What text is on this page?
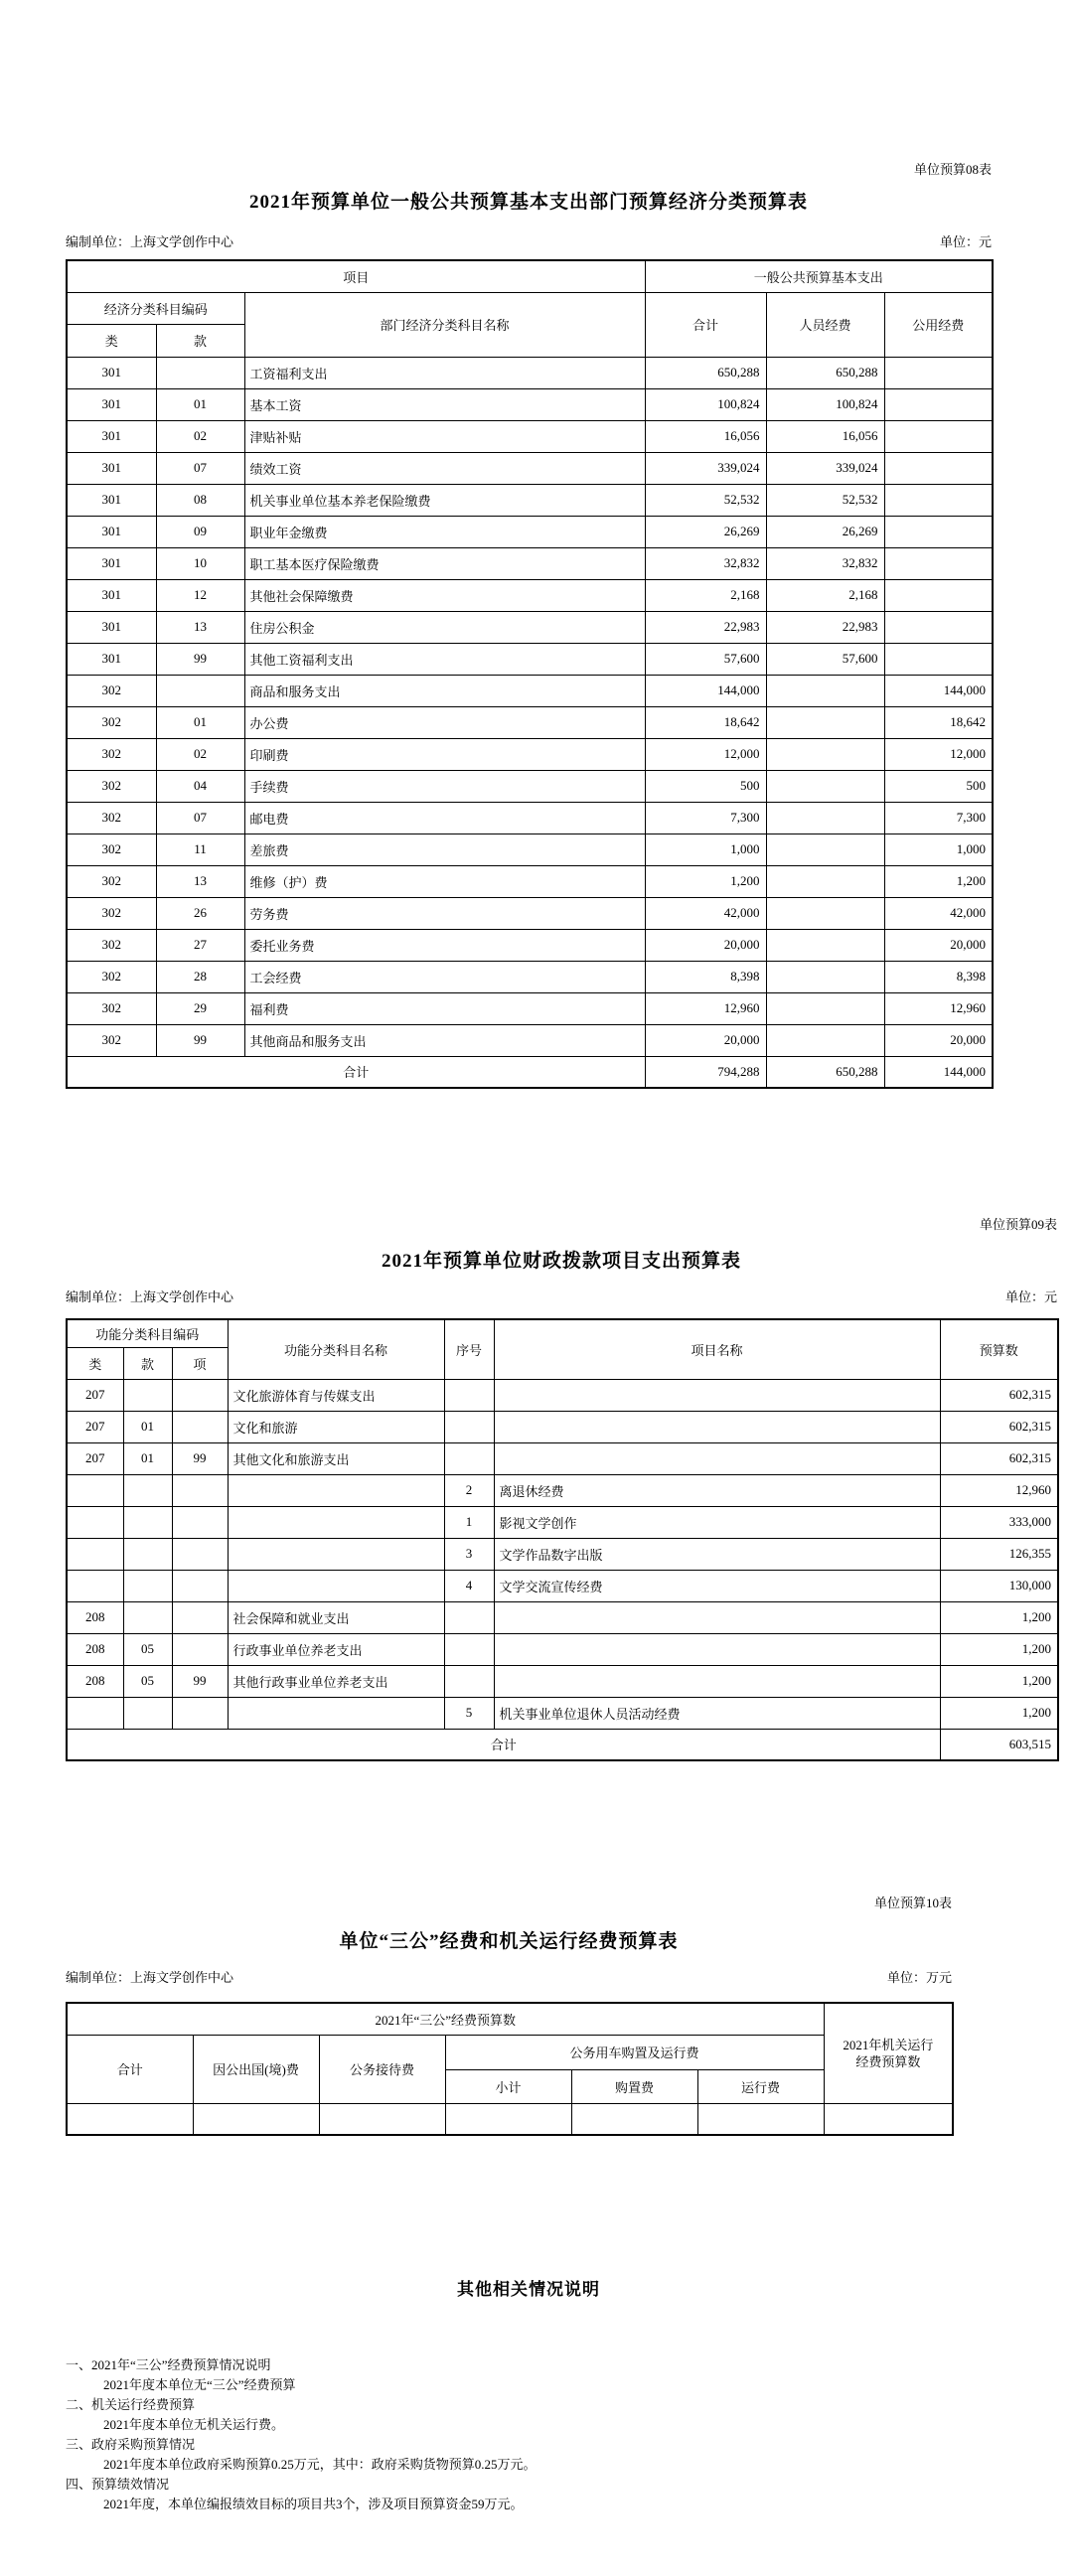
单位预算08表
2021年预算单位一般公共预算基本支出部门预算经济分类预算表
编制单位：上海文学创作中心	单位：元
项目			一般公共预算基本支出		
经济分类科目编码		部门经济分类科目名称	合计	人员经费	公用经费
类	款				
301		工资福利支出	650,288	650,288	
301	01	基本工资	100,824	100,824	
301	02	津贴补贴	16,056	16,056	
301	07	绩效工资	339,024	339,024	
301	08	机关事业单位基本养老保险缴费	52,532	52,532	
301	09	职业年金缴费	26,269	26,269	
301	10	职工基本医疗保险缴费	32,832	32,832	
301	12	其他社会保障缴费	2,168	2,168	
301	13	住房公积金	22,983	22,983	
301	99	其他工资福利支出	57,600	57,600	
302		商品和服务支出	144,000		144,000
302	01	办公费	18,642		18,642
302	02	印刷费	12,000		12,000
302	04	手续费	500		500
302	07	邮电费	7,300		7,300
302	11	差旅费	1,000		1,000
302	13	维修（护）费	1,200		1,200
302	26	劳务费	42,000		42,000
302	27	委托业务费	20,000		20,000
302	28	工会经费	8,398		8,398
302	29	福利费	12,960		12,960
302	99	其他商品和服务支出	20,000		20,000
合计			794,288	650,288	144,000
单位预算09表
2021年预算单位财政拨款项目支出预算表
编制单位：上海文学创作中心	单位：元
功能分类科目编码			功能分类科目名称	序号	项目名称	预算数
类	款	项				
207			文化旅游体育与传媒支出			602,315
207	01		文化和旅游			602,315
207	01	99	其他文化和旅游支出			602,315
				2	离退休经费	12,960
				1	影视文学创作	333,000
				3	文学作品数字出版	126,355
				4	文学交流宣传经费	130,000
208			社会保障和就业支出			1,200
208	05		行政事业单位养老支出			1,200
208	05	99	其他行政事业单位养老支出			1,200
				5	机关事业单位退休人员活动经费	1,200
合计						603,515
单位预算10表
单位“三公”经费和机关运行经费预算表
编制单位：上海文学创作中心	单位：万元
2021年“三公”经费预算数						2021年机关运行经费预算数
合计	因公出国(境)费	公务接待费	公务用车购置及运行费			
			小计	购置费	运行费	

其他相关情况说明
一、2021年“三公”经费预算情况说明
2021年度本单位无“三公”经费预算
二、机关运行经费预算
2021年度本单位无机关运行费。
三、政府采购预算情况
2021年度本单位政府采购预算0.25万元，其中：政府采购货物预算0.25万元。
四、预算绩效情况
2021年度，本单位编报绩效目标的项目共3个，涉及项目预算资金59万元。
